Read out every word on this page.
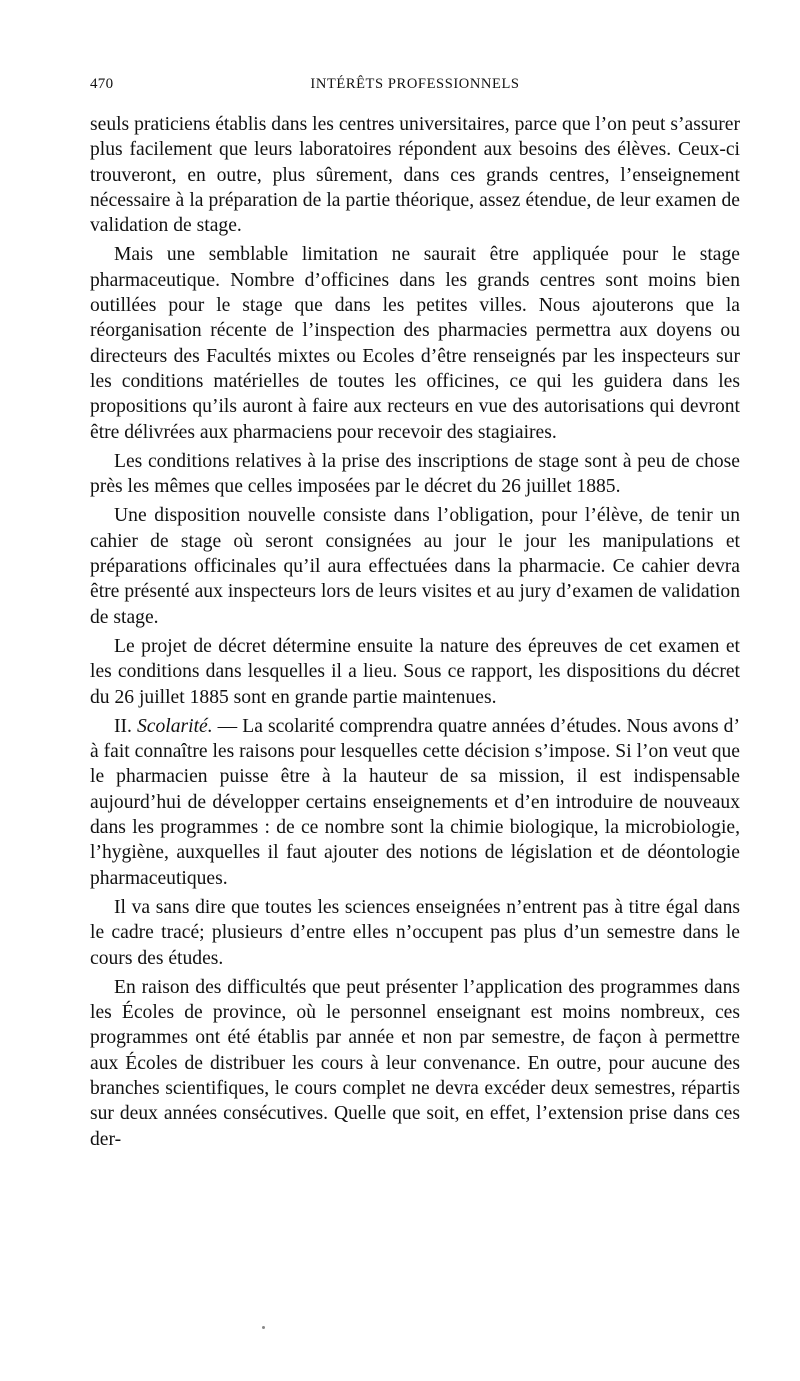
470	INTÉRÊTS PROFESSIONNELS

seuls praticiens établis dans les centres universitaires, parce que l’on peut s’assurer plus facilement que leurs laboratoires répondent aux besoins des élèves. Ceux-ci trouveront, en outre, plus sûrement, dans ces grands centres, l’enseignement nécessaire à la préparation de la partie théorique, assez étendue, de leur examen de validation de stage.

Mais une semblable limitation ne saurait être appliquée pour le stage pharmaceutique. Nombre d’officines dans les grands centres sont moins bien outillées pour le stage que dans les petites villes. Nous ajouterons que la réorganisation récente de l’inspection des pharmacies permettra aux doyens ou directeurs des Facultés mixtes ou Ecoles d’être renseignés par les inspecteurs sur les conditions matérielles de toutes les officines, ce qui les guidera dans les propositions qu’ils auront à faire aux recteurs en vue des autorisations qui devront être délivrées aux pharmaciens pour recevoir des stagiaires.

Les conditions relatives à la prise des inscriptions de stage sont à peu de chose près les mêmes que celles imposées par le décret du 26 juillet 1885.

Une disposition nouvelle consiste dans l’obligation, pour l’élève, de tenir un cahier de stage où seront consignées au jour le jour les manipulations et préparations officinales qu’il aura effectuées dans la pharmacie. Ce cahier devra être présenté aux inspecteurs lors de leurs visites et au jury d’examen de validation de stage.

Le projet de décret détermine ensuite la nature des épreuves de cet examen et les conditions dans lesquelles il a lieu. Sous ce rapport, les dispositions du décret du 26 juillet 1885 sont en grande partie maintenues.

II. Scolarité. — La scolarité comprendra quatre années d’études. Nous avons d’ à fait connaître les raisons pour lesquelles cette décision s’impose. Si l’on veut que le pharmacien puisse être à la hauteur de sa mission, il est indispensable aujourd’hui de développer certains enseignements et d’en introduire de nouveaux dans les programmes : de ce nombre sont la chimie biologique, la microbiologie, l’hygiène, auxquelles il faut ajouter des notions de législation et de déontologie pharmaceutiques.

Il va sans dire que toutes les sciences enseignées n’entrent pas à titre égal dans le cadre tracé; plusieurs d’entre elles n’occupent pas plus d’un semestre dans le cours des études.

En raison des difficultés que peut présenter l’application des programmes dans les Écoles de province, où le personnel enseignant est moins nombreux, ces programmes ont été établis par année et non par semestre, de façon à permettre aux Écoles de distribuer les cours à leur convenance. En outre, pour aucune des branches scientifiques, le cours complet ne devra excéder deux semestres, répartis sur deux années consécutives. Quelle que soit, en effet, l’extension prise dans ces der-
